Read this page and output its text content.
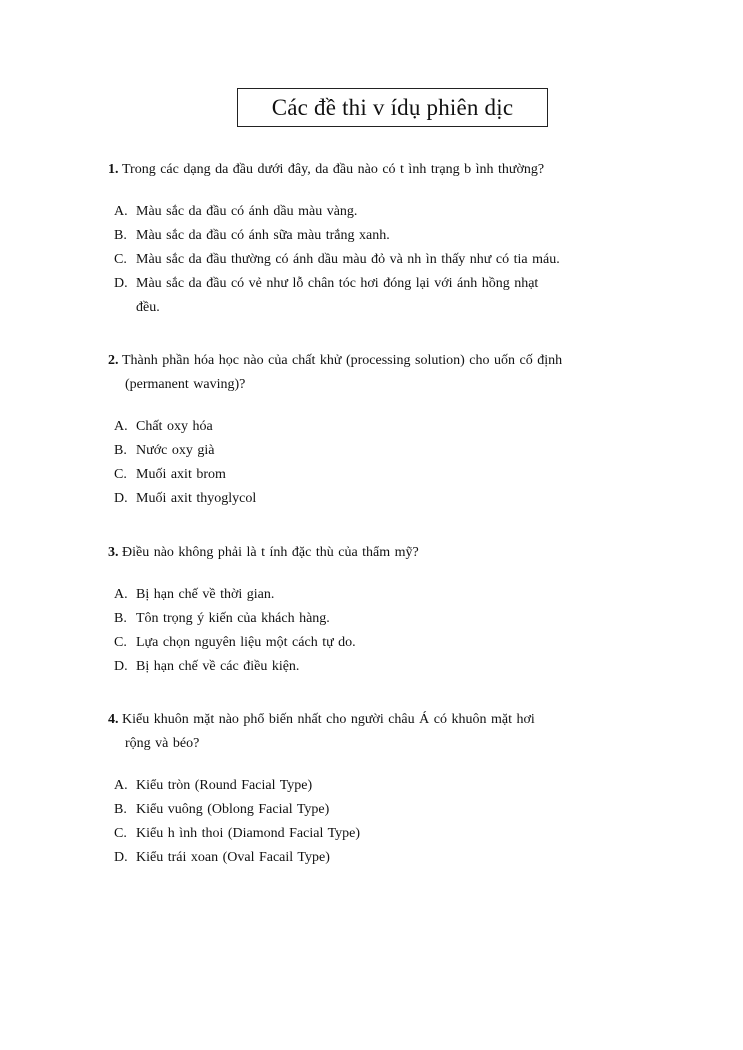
Các đề thi v ídụ phiên dịc
1. Trong các dạng da đầu dưới đây, da đầu nào có t ình trạng b ình thường?
A. Màu sắc da đầu có ánh dầu màu vàng.
B. Màu sắc da đầu có ánh sữa màu trắng xanh.
C. Màu sắc da đầu thường có ánh dầu màu đỏ và nh ìn thấy như có tia máu.
D. Màu sắc da đầu có vẻ như lỗ chân tóc hơi đóng lại với ánh hồng nhạt
đều.
2. Thành phần hóa học nào của chất khử (processing solution) cho uốn cố định
(permanent waving)?
A. Chất oxy hóa
B. Nước oxy già
C. Muối axit brom
D. Muối axit thyoglycol
3. Điều nào không phải là t ính đặc thù của thẩm mỹ?
A. Bị hạn chế về thời gian.
B. Tôn trọng ý kiến của khách hàng.
C. Lựa chọn nguyên liệu một cách tự do.
D. Bị hạn chế về các điều kiện.
4. Kiểu khuôn mặt nào phổ biến nhất cho người châu Á có khuôn mặt hơi
rộng và béo?
A. Kiểu tròn (Round Facial Type)
B. Kiểu vuông (Oblong Facial Type)
C. Kiểu h ình thoi (Diamond Facial Type)
D. Kiểu trái xoan (Oval Facail Type)
